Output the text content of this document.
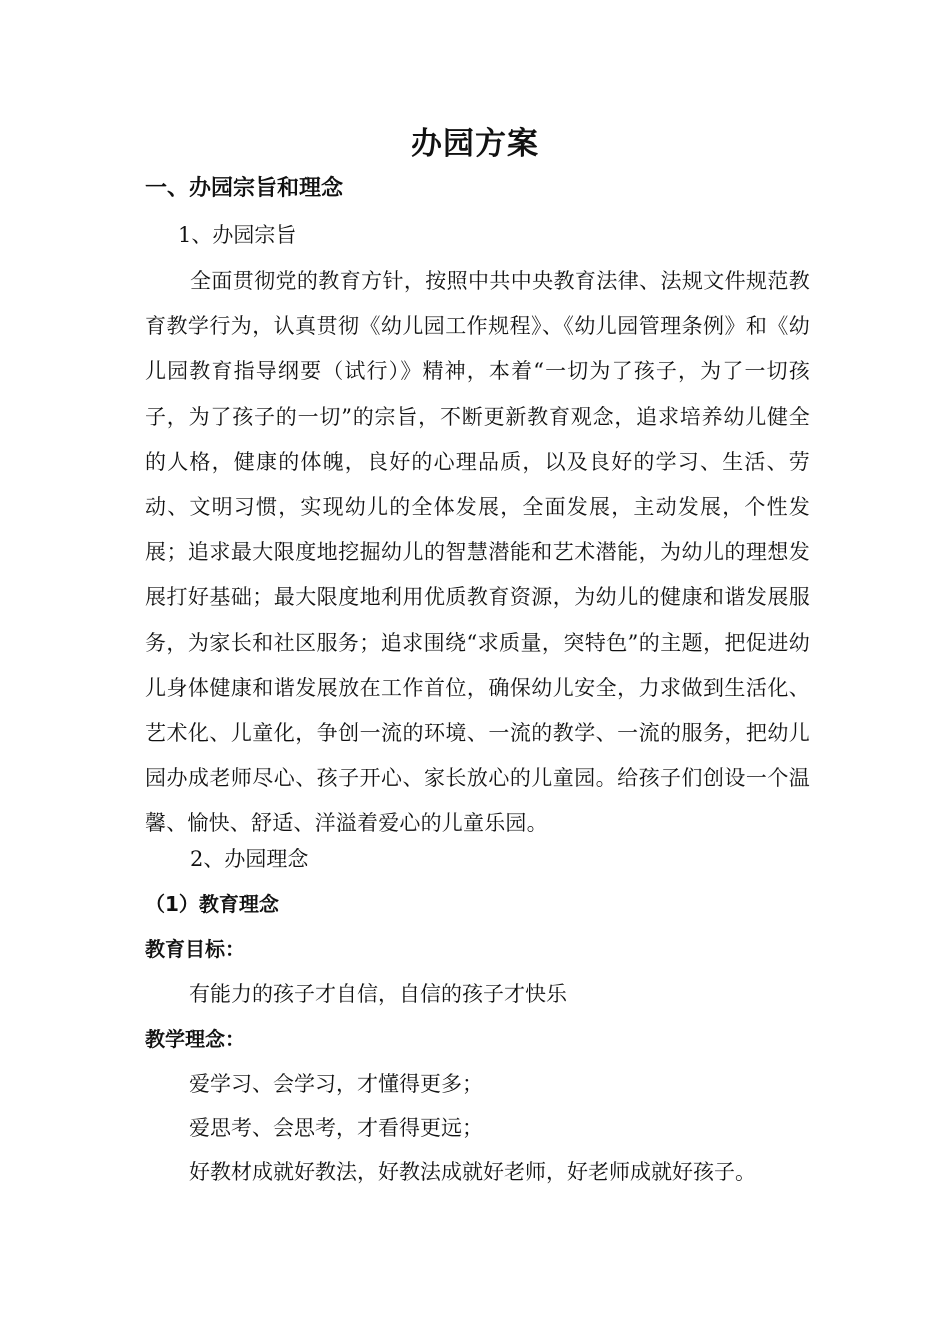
办园方案
一、办园宗旨和理念
1、办园宗旨
全面贯彻党的教育方针，按照中共中央教育法律、法规文件规范教育教学行为，认真贯彻《幼儿园工作规程》、《幼儿园管理条例》和《幼儿园教育指导纲要（试行）》精神，本着“一切为了孩子，为了一切孩子，为了孩子的一切”的宗旨，不断更新教育观念，追求培养幼儿健全的人格，健康的体魄，良好的心理品质，以及良好的学习、生活、劳动、文明习惯，实现幼儿的全体发展，全面发展，主动发展，个性发展；追求最大限度地挖掘幼儿的智慧潜能和艺术潜能，为幼儿的理想发展打好基础；最大限度地利用优质教育资源，为幼儿的健康和谐发展服务，为家长和社区服务；追求围绕“求质量，突特色”的主题，把促进幼儿身体健康和谐发展放在工作首位，确保幼儿安全，力求做到生活化、艺术化、儿童化，争创一流的环境、一流的教学、一流的服务，把幼儿园办成老师尽心、孩子开心、家长放心的儿童园。给孩子们创设一个温馨、愉快、舒适、洋溢着爱心的儿童乐园。
2、办园理念
（1）教育理念
教育目标：
有能力的孩子才自信，自信的孩子才快乐
教学理念：
爱学习、会学习，才懂得更多；
爱思考、会思考，才看得更远；
好教材成就好教法，好教法成就好老师，好老师成就好孩子。
